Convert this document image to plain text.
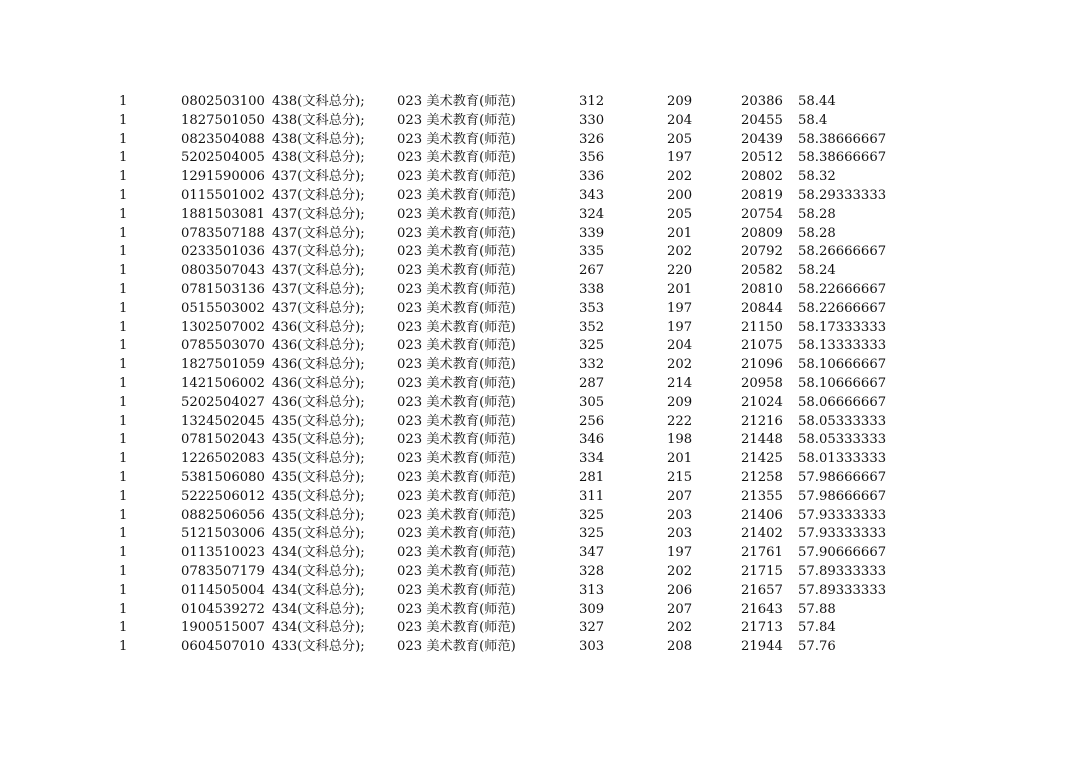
1	0802503100 438(文科总分); 023 美术教育(师范)	312	209	20386 58.44
1	1827501050 438(文科总分); 023 美术教育(师范)	330	204	20455 58.4
1	0823504088 438(文科总分); 023 美术教育(师范)	326	205	20439 58.38666667
1	5202504005 438(文科总分); 023 美术教育(师范)	356	197	20512 58.38666667
1	1291590006 437(文科总分); 023 美术教育(师范)	336	202	20802 58.32
1	0115501002 437(文科总分); 023 美术教育(师范)	343	200	20819 58.29333333
1	1881503081 437(文科总分); 023 美术教育(师范)	324	205	20754 58.28
1	0783507188 437(文科总分); 023 美术教育(师范)	339	201	20809 58.28
1	0233501036 437(文科总分); 023 美术教育(师范)	335	202	20792 58.26666667
1	0803507043 437(文科总分); 023 美术教育(师范)	267	220	20582 58.24
1	0781503136 437(文科总分); 023 美术教育(师范)	338	201	20810 58.22666667
1	0515503002 437(文科总分); 023 美术教育(师范)	353	197	20844 58.22666667
1	1302507002 436(文科总分); 023 美术教育(师范)	352	197	21150 58.17333333
1	0785503070 436(文科总分); 023 美术教育(师范)	325	204	21075 58.13333333
1	1827501059 436(文科总分); 023 美术教育(师范)	332	202	21096 58.10666667
1	1421506002 436(文科总分); 023 美术教育(师范)	287	214	20958 58.10666667
1	5202504027 436(文科总分); 023 美术教育(师范)	305	209	21024 58.06666667
1	1324502045 435(文科总分); 023 美术教育(师范)	256	222	21216 58.05333333
1	0781502043 435(文科总分); 023 美术教育(师范)	346	198	21448 58.05333333
1	1226502083 435(文科总分); 023 美术教育(师范)	334	201	21425 58.01333333
1	5381506080 435(文科总分); 023 美术教育(师范)	281	215	21258 57.98666667
1	5222506012 435(文科总分); 023 美术教育(师范)	311	207	21355 57.98666667
1	0882506056 435(文科总分); 023 美术教育(师范)	325	203	21406 57.93333333
1	5121503006 435(文科总分); 023 美术教育(师范)	325	203	21402 57.93333333
1	0113510023 434(文科总分); 023 美术教育(师范)	347	197	21761 57.90666667
1	0783507179 434(文科总分); 023 美术教育(师范)	328	202	21715 57.89333333
1	0114505004 434(文科总分); 023 美术教育(师范)	313	206	21657 57.89333333
1	0104539272 434(文科总分); 023 美术教育(师范)	309	207	21643 57.88
1	1900515007 434(文科总分); 023 美术教育(师范)	327	202	21713 57.84
1	0604507010 433(文科总分); 023 美术教育(师范)	303	208	21944 57.76
